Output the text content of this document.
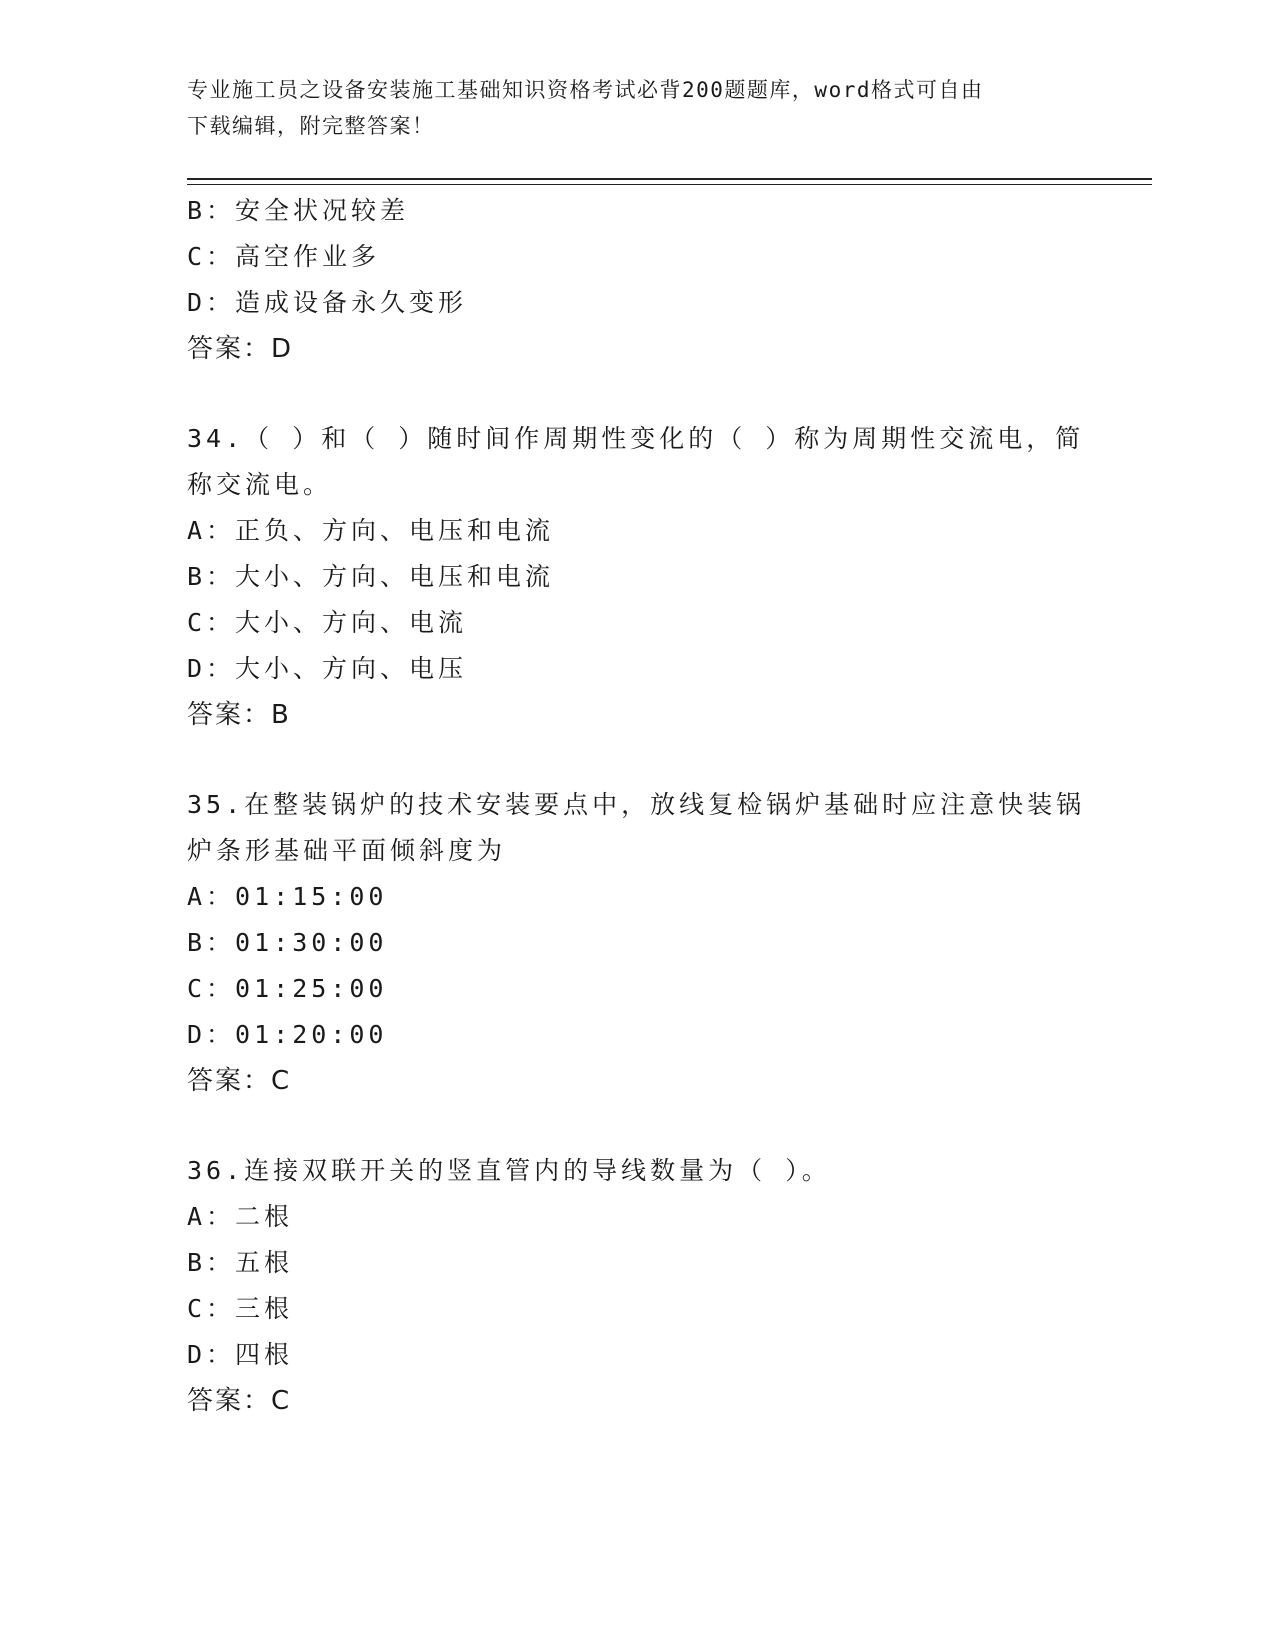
专业施工员之设备安装施工基础知识资格考试必背200题题库，word格式可自由
下载编辑，附完整答案！
B：安全状况较差
C：高空作业多
D：造成设备永久变形
答案：D
34.（ ）和（ ）随时间作周期性变化的（ ）称为周期性交流电，简
称交流电。
A：正负、方向、电压和电流
B：大小、方向、电压和电流
C：大小、方向、电流
D：大小、方向、电压
答案：B
35.在整装锅炉的技术安装要点中，放线复检锅炉基础时应注意快装锅
炉条形基础平面倾斜度为
A：01:15:00
B：01:30:00
C：01:25:00
D：01:20:00
答案：C
36.连接双联开关的竖直管内的导线数量为（ ）。
A：二根
B：五根
C：三根
D：四根
答案：C
